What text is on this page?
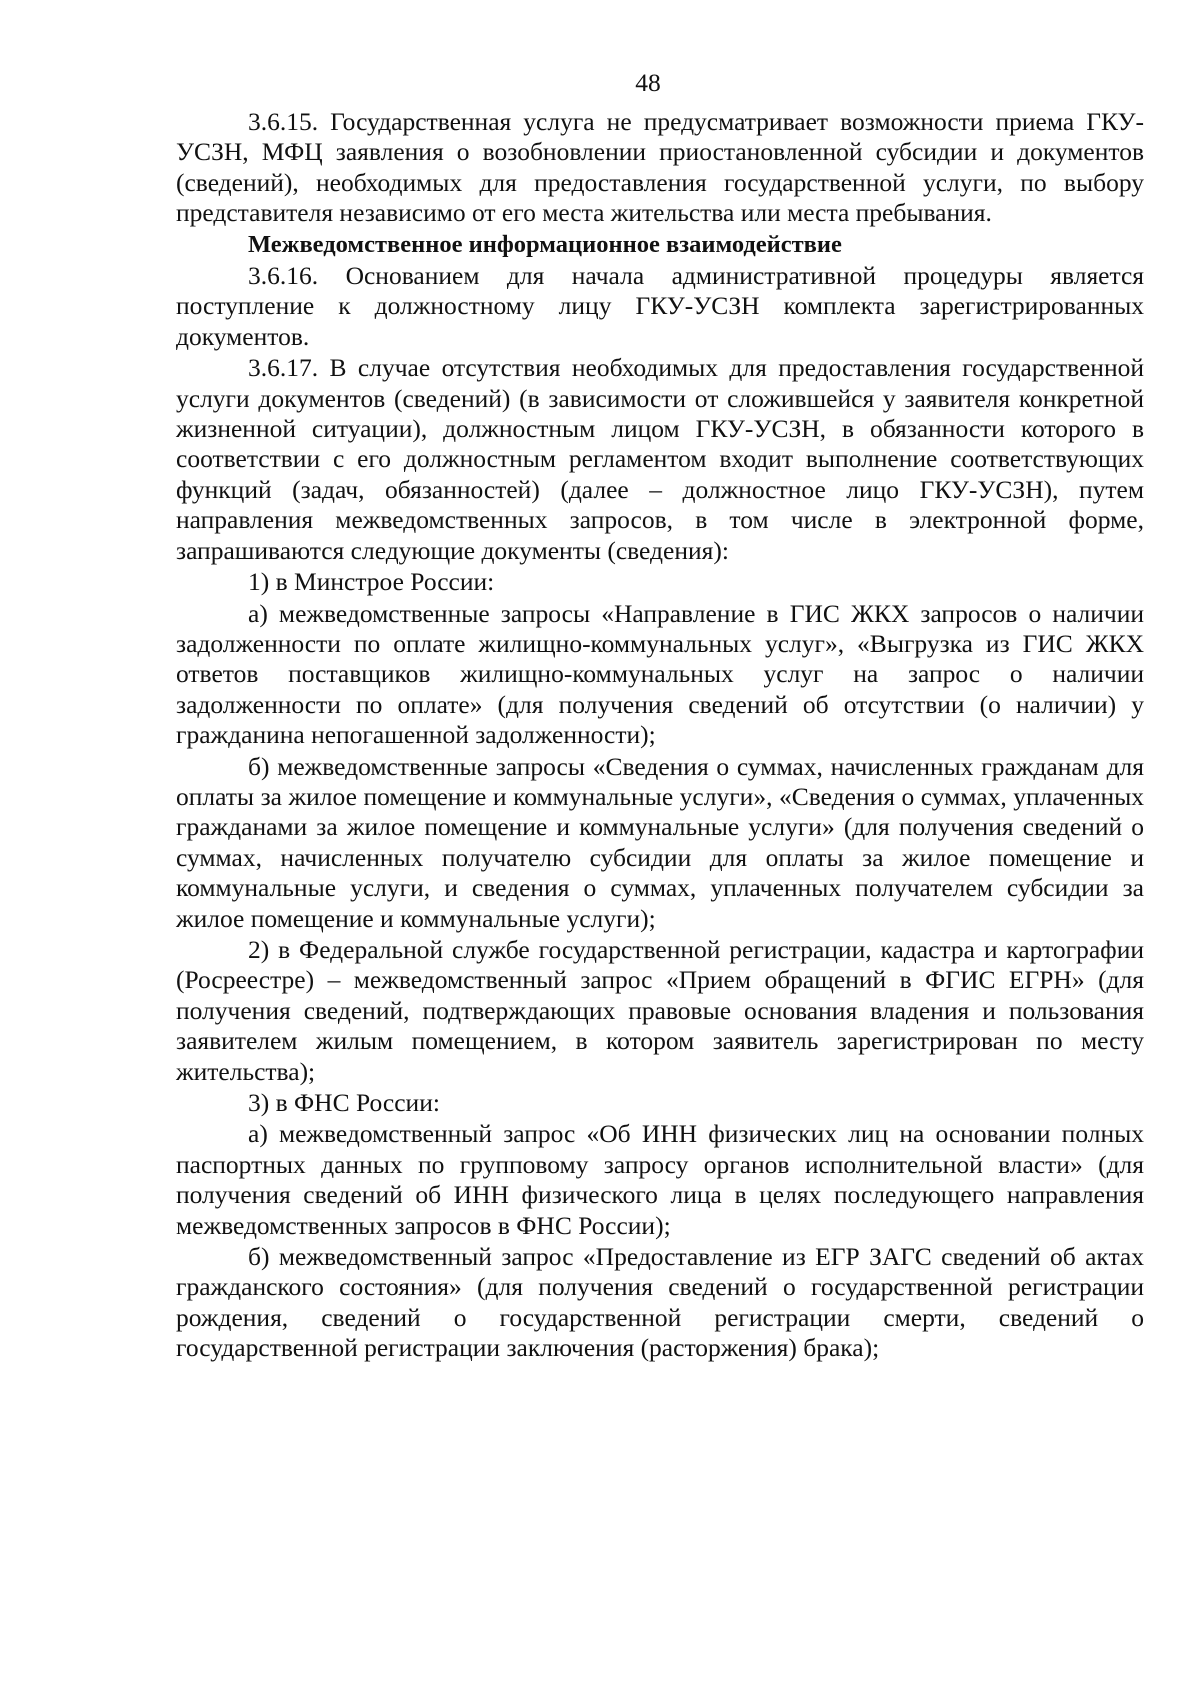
48

3.6.15. Государственная услуга не предусматривает возможности приема ГКУ-УСЗН, МФЦ заявления о возобновлении приостановленной субсидии и документов (сведений), необходимых для предоставления государственной услуги, по выбору представителя независимо от его места жительства или места пребывания.

Межведомственное информационное взаимодействие

3.6.16. Основанием для начала административной процедуры является поступление к должностному лицу ГКУ-УСЗН комплекта зарегистрированных документов.

3.6.17. В случае отсутствия необходимых для предоставления государственной услуги документов (сведений) (в зависимости от сложившейся у заявителя конкретной жизненной ситуации), должностным лицом ГКУ-УСЗН, в обязанности которого в соответствии с его должностным регламентом входит выполнение соответствующих функций (задач, обязанностей) (далее – должностное лицо ГКУ-УСЗН), путем направления межведомственных запросов, в том числе в электронной форме, запрашиваются следующие документы (сведения):

1) в Минстрое России:

а) межведомственные запросы «Направление в ГИС ЖКХ запросов о наличии задолженности по оплате жилищно-коммунальных услуг», «Выгрузка из ГИС ЖКХ ответов поставщиков жилищно-коммунальных услуг на запрос о наличии задолженности по оплате» (для получения сведений об отсутствии (о наличии) у гражданина непогашенной задолженности);

б) межведомственные запросы «Сведения о суммах, начисленных гражданам для оплаты за жилое помещение и коммунальные услуги», «Сведения о суммах, уплаченных гражданами за жилое помещение и коммунальные услуги» (для получения сведений о суммах, начисленных получателю субсидии для оплаты за жилое помещение и коммунальные услуги, и сведения о суммах, уплаченных получателем субсидии за жилое помещение и коммунальные услуги);

2) в Федеральной службе государственной регистрации, кадастра и картографии (Росреестре) – межведомственный запрос «Прием обращений в ФГИС ЕГРН» (для получения сведений, подтверждающих правовые основания владения и пользования заявителем жилым помещением, в котором заявитель зарегистрирован по месту жительства);

3) в ФНС России:

а) межведомственный запрос «Об ИНН физических лиц на основании полных паспортных данных по групповому запросу органов исполнительной власти» (для получения сведений об ИНН физического лица в целях последующего направления межведомственных запросов в ФНС России);

б) межведомственный запрос «Предоставление из ЕГР ЗАГС сведений об актах гражданского состояния» (для получения сведений о государственной регистрации рождения, сведений о государственной регистрации смерти, сведений о государственной регистрации заключения (расторжения) брака);
